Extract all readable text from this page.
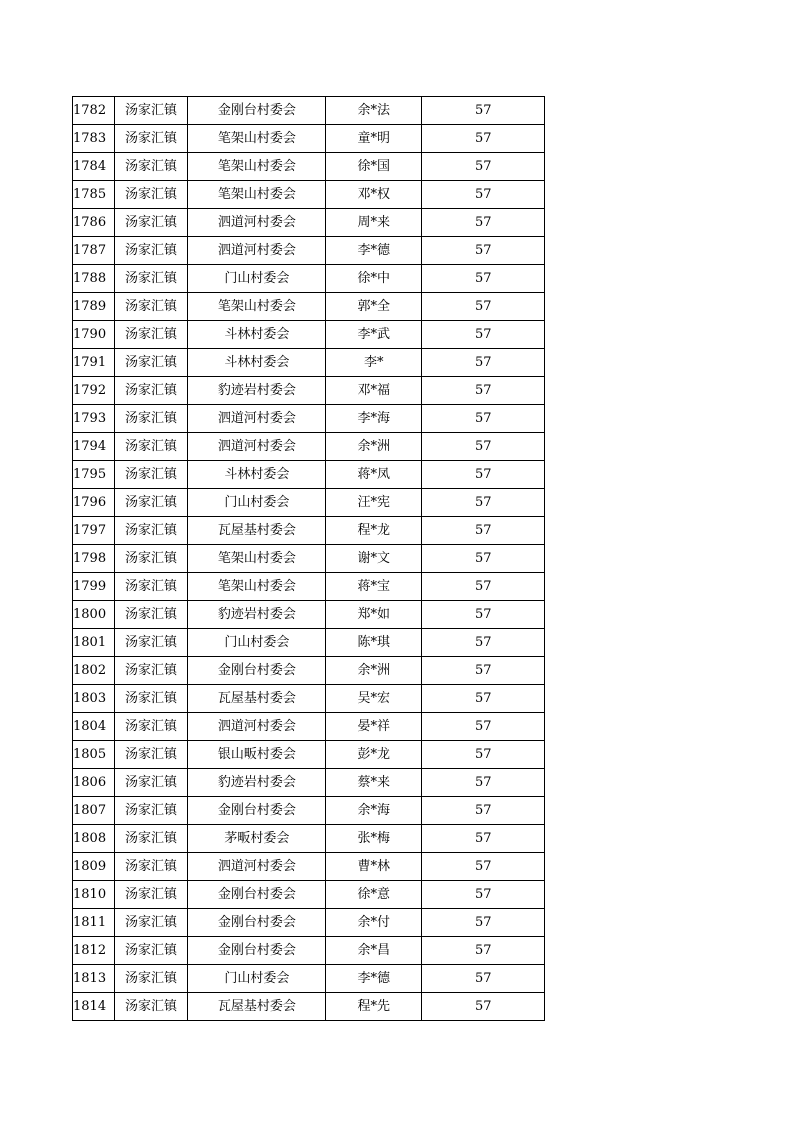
1782	汤家汇镇	金刚台村委会	余*法	57
1783	汤家汇镇	笔架山村委会	童*明	57
1784	汤家汇镇	笔架山村委会	徐*国	57
1785	汤家汇镇	笔架山村委会	邓*权	57
1786	汤家汇镇	泗道河村委会	周*来	57
1787	汤家汇镇	泗道河村委会	李*德	57
1788	汤家汇镇	门山村委会	徐*中	57
1789	汤家汇镇	笔架山村委会	郭*全	57
1790	汤家汇镇	斗林村委会	李*武	57
1791	汤家汇镇	斗林村委会	李*	57
1792	汤家汇镇	豹迹岩村委会	邓*福	57
1793	汤家汇镇	泗道河村委会	李*海	57
1794	汤家汇镇	泗道河村委会	余*洲	57
1795	汤家汇镇	斗林村委会	蒋*凤	57
1796	汤家汇镇	门山村委会	汪*宪	57
1797	汤家汇镇	瓦屋基村委会	程*龙	57
1798	汤家汇镇	笔架山村委会	谢*文	57
1799	汤家汇镇	笔架山村委会	蒋*宝	57
1800	汤家汇镇	豹迹岩村委会	郑*如	57
1801	汤家汇镇	门山村委会	陈*琪	57
1802	汤家汇镇	金刚台村委会	余*洲	57
1803	汤家汇镇	瓦屋基村委会	吴*宏	57
1804	汤家汇镇	泗道河村委会	晏*祥	57
1805	汤家汇镇	银山畈村委会	彭*龙	57
1806	汤家汇镇	豹迹岩村委会	蔡*来	57
1807	汤家汇镇	金刚台村委会	余*海	57
1808	汤家汇镇	茅畈村委会	张*梅	57
1809	汤家汇镇	泗道河村委会	曹*林	57
1810	汤家汇镇	金刚台村委会	徐*意	57
1811	汤家汇镇	金刚台村委会	余*付	57
1812	汤家汇镇	金刚台村委会	余*昌	57
1813	汤家汇镇	门山村委会	李*德	57
1814	汤家汇镇	瓦屋基村委会	程*先	57
